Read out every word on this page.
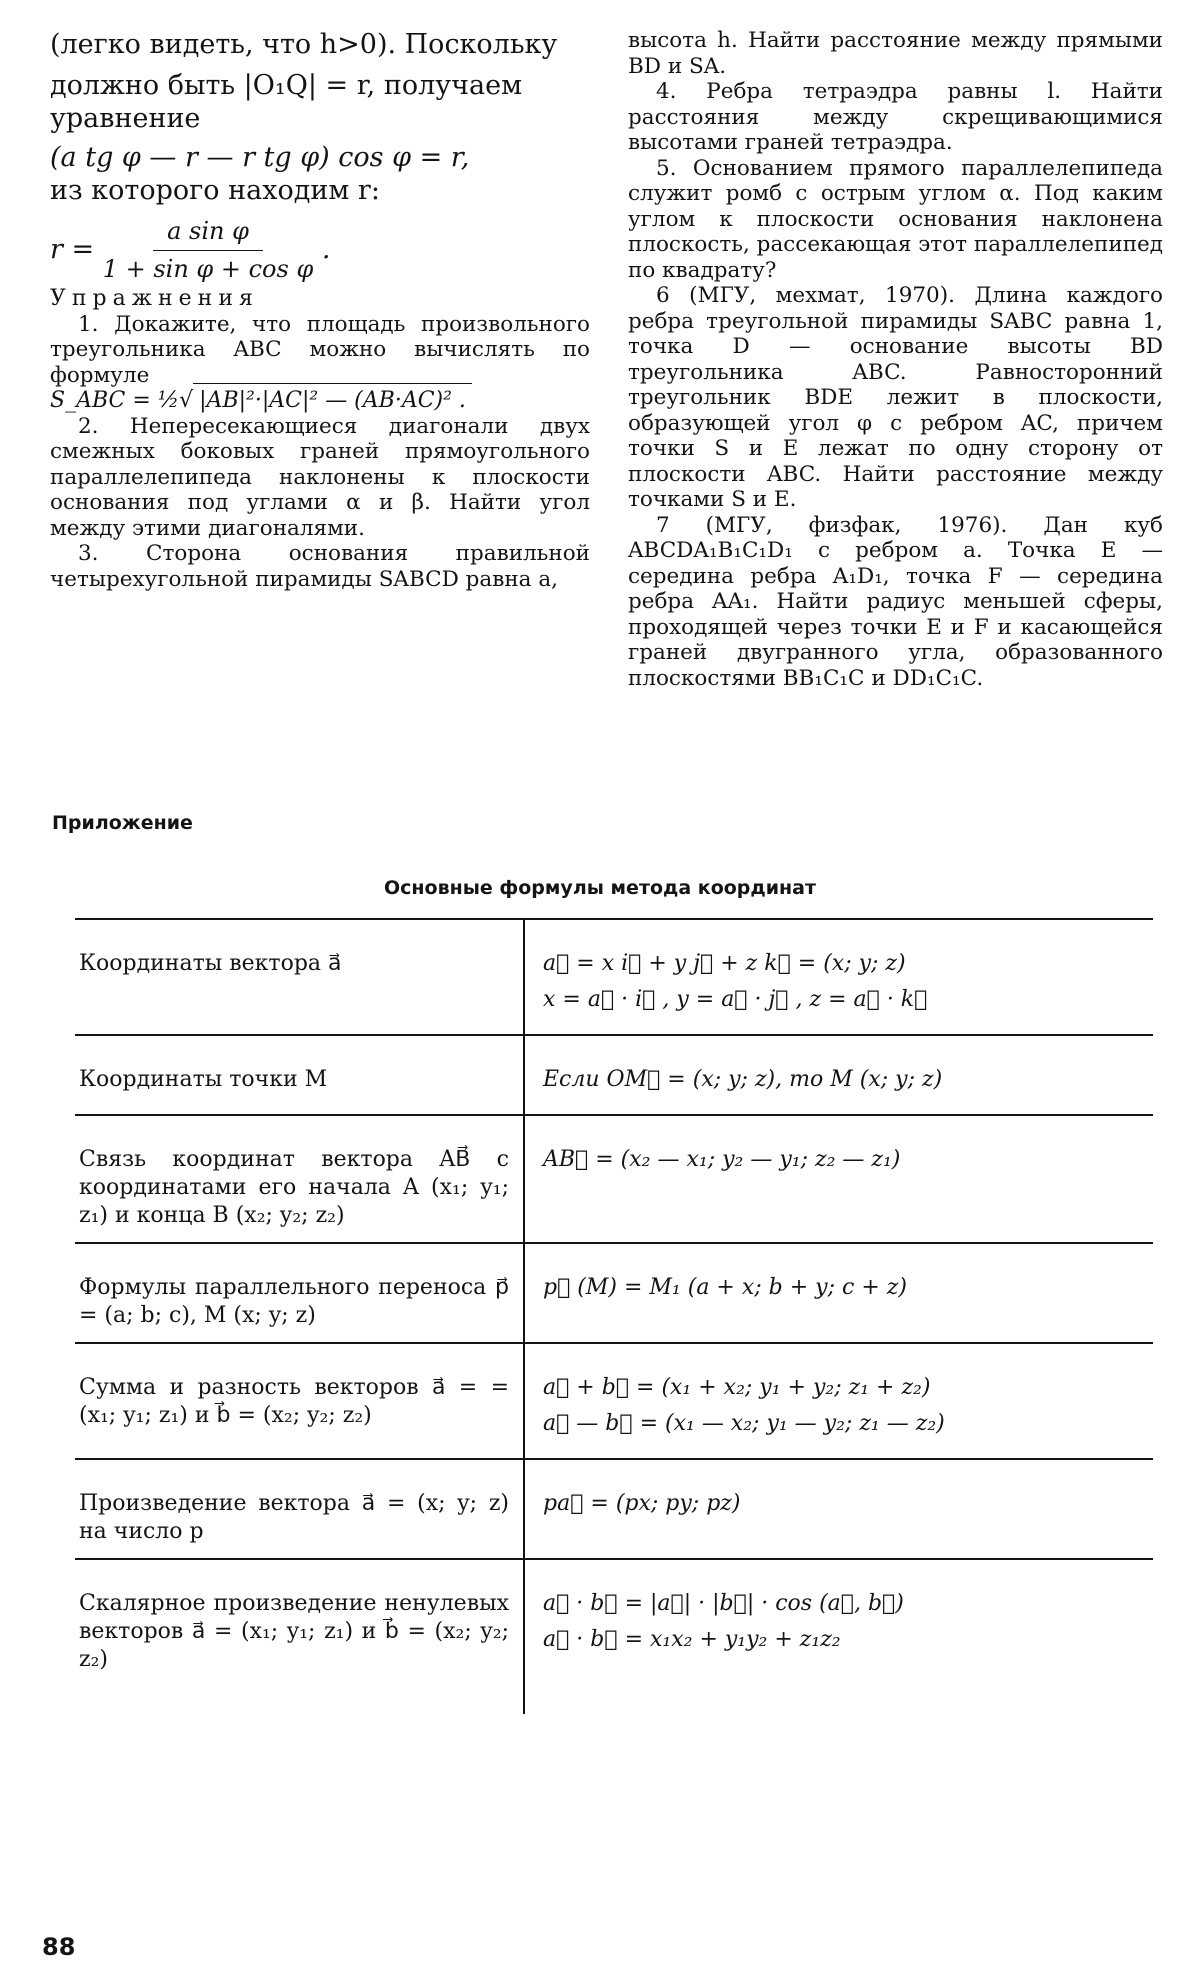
(легко видеть, что h>0). Поскольку

должно быть |O₁Q| = r, получаем

уравнение

(a tg φ — r — r tg φ) cos φ = r,

из которого находим r:

$r = \frac{\text{a sin φ}}{\text{1 + sin φ + cos φ}}$ .

Упражнения

1. Докажите, что площадь произвольного треугольника ABC можно вычислять по формуле

S_ABC = ½√ |AB|²·|AC|² — (AB·AC)² .

2. Непересекающиеся диагонали двух смежных боковых граней прямоугольного параллелепипеда наклонены к плоскости основания под углами α и β. Найти угол между этими диагоналями.

3. Сторона основания правильной четырехугольной пирамиды SABCD равна a,

высота h. Найти расстояние между прямыми BD и SA.

4. Ребра тетраэдра равны l. Найти расстояния между скрещивающимися высотами граней тетраэдра.

5. Основанием прямого параллелепипеда служит ромб с острым углом α. Под каким углом к плоскости основания наклонена плоскость, рассекающая этот параллелепипед по квадрату?

6 (МГУ, мехмат, 1970). Длина каждого ребра треугольной пирамиды SABC равна 1, точка D — основание высоты BD треугольника ABC. Равносторонний треугольник BDE лежит в плоскости, образующей угол φ с ребром AC, причем точки S и E лежат по одну сторону от плоскости ABC. Найти расстояние между точками S и E.

7 (МГУ, физфак, 1976). Дан куб ABCDA₁B₁C₁D₁ с ребром a. Точка E — середина ребра A₁D₁, точка F — середина ребра AA₁. Найти радиус меньшей сферы, проходящей через точки E и F и касающейся граней двугранного угла, образованного плоскостями BB₁C₁C и DD₁C₁C.

Приложение
Основные формулы метода координат
Координаты вектора a⃗	a⃗ = x i⃗ + y j⃗ + z k⃗ = (x; y; z)
x = a⃗ · i⃗ , y = a⃗ · j⃗ , z = a⃗ · k⃗

Координаты точки M	Если OM⃗ = (x; y; z), то M (x; y; z)

Связь координат вектора AB⃗ с координатами его начала A (x₁; y₁; z₁) и конца B (x₂; y₂; z₂)	AB⃗ = (x₂ — x₁; y₂ — y₁; z₂ — z₁)

Формулы параллельного переноса p⃗ = (a; b; c), M (x; y; z)	p⃗ (M) = M₁ (a + x; b + y; c + z)

Сумма и разность векторов a⃗ = = (x₁; y₁; z₁) и b⃗ = (x₂; y₂; z₂)	a⃗ + b⃗ = (x₁ + x₂; y₁ + y₂; z₁ + z₂)
a⃗ — b⃗ = (x₁ — x₂; y₁ — y₂; z₁ — z₂)

Произведение вектора a⃗ = (x; y; z) на число p	pa⃗ = (px; py; pz)

Скалярное произведение ненулевых векторов a⃗ = (x₁; y₁; z₁) и b⃗ = (x₂; y₂; z₂)	a⃗ · b⃗ = |a⃗| · |b⃗| · cos (a⃗, b⃗)
a⃗ · b⃗ = x₁x₂ + y₁y₂ + z₁z₂
88
